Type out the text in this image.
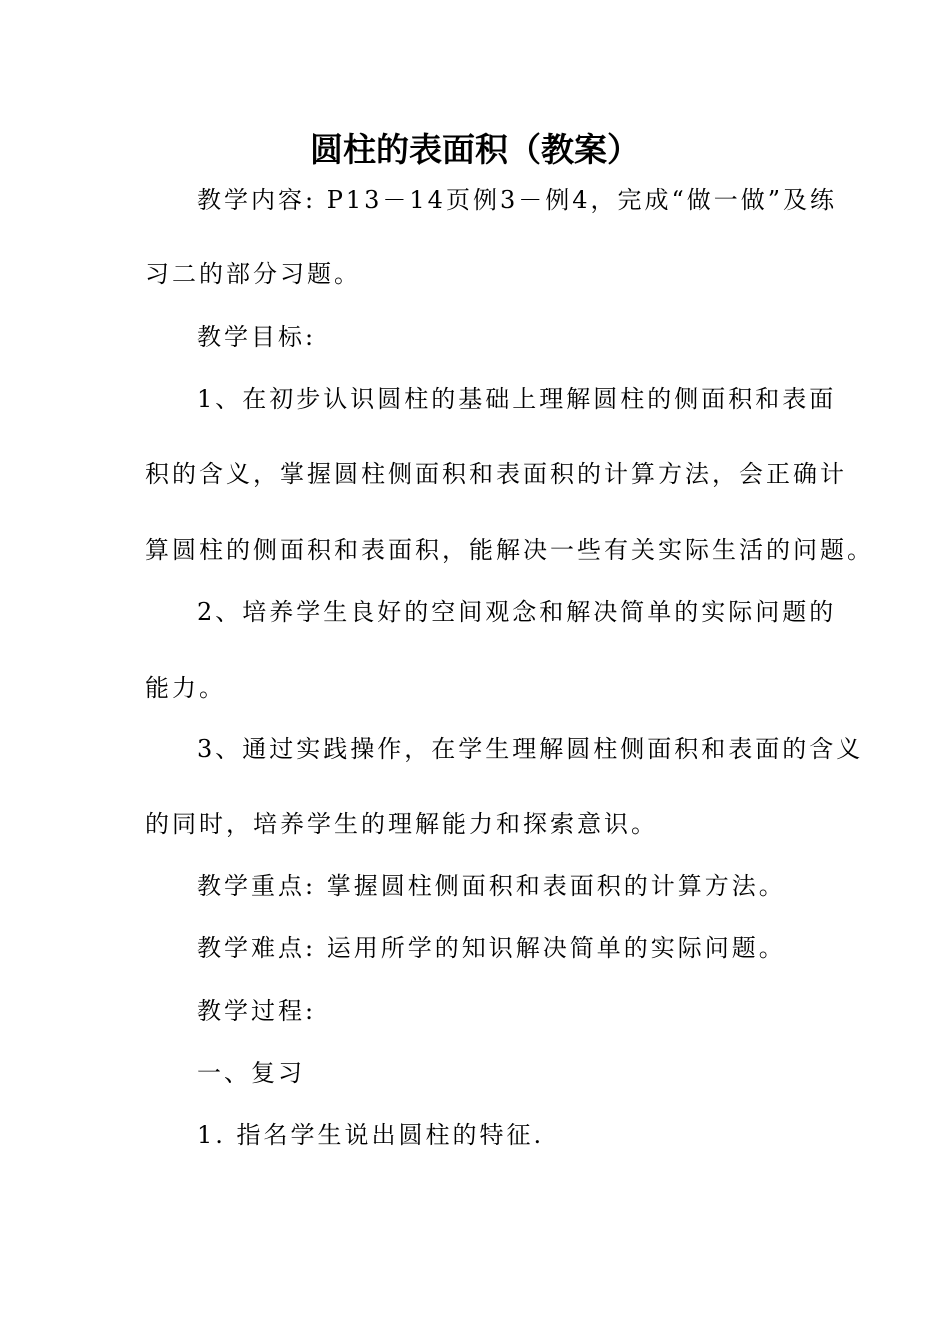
圆柱的表面积（教案）
教学内容: P13－14页例3－例4，完成“做一做”及练
习二的部分习题。
教学目标:
1、在初步认识圆柱的基础上理解圆柱的侧面积和表面
积的含义，掌握圆柱侧面积和表面积的计算方法，会正确计
算圆柱的侧面积和表面积，能解决一些有关实际生活的问题。
2、培养学生良好的空间观念和解决简单的实际问题的
能力。
3、通过实践操作，在学生理解圆柱侧面积和表面的含义
的同时，培养学生的理解能力和探索意识。
教学重点: 掌握圆柱侧面积和表面积的计算方法。
教学难点: 运用所学的知识解决简单的实际问题。
教学过程:
一、复习
1. 指名学生说出圆柱的特征.
